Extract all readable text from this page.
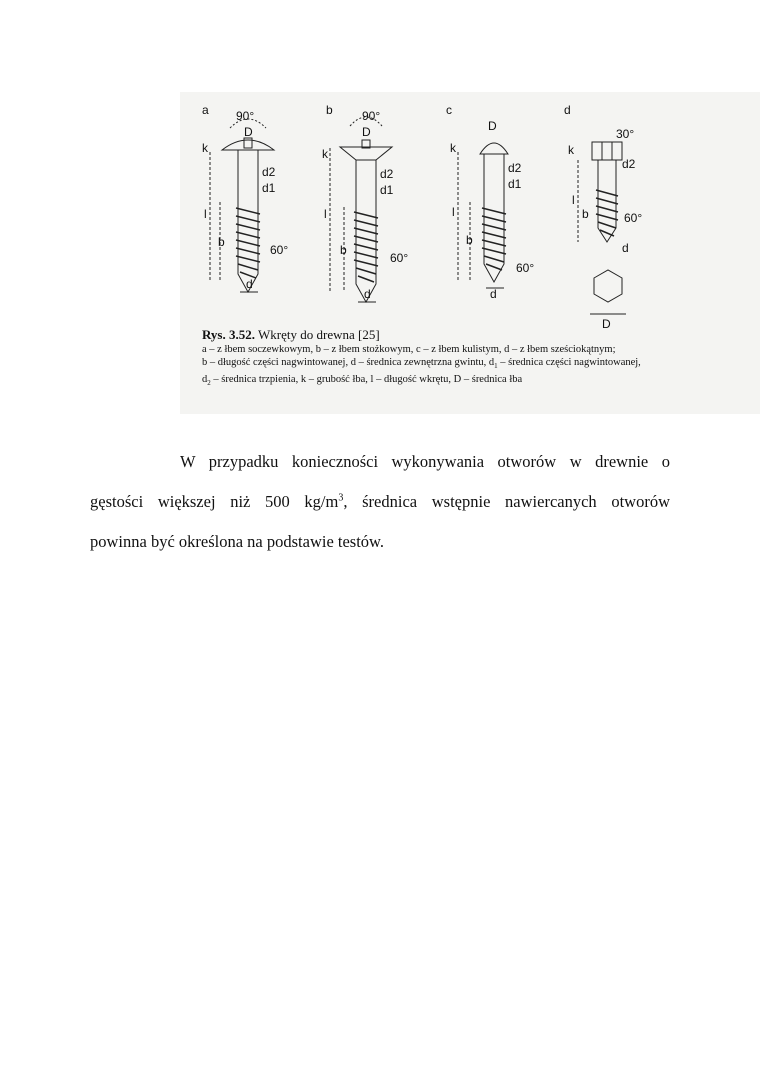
a 90°
D
k
d2
d1
l
b
60°
d
b 90°
D
k
d2
d1
l
b
60°
d
c
D
k
d2
d1
l
b
60°
d
d
30°
k
d2
l
b	60°
d
D
Rys. 3.52. Wkręty do drewna [25]
a – z łbem soczewkowym, b – z łbem stożkowym, c – z łbem kulistym, d – z łbem sześciokątnym;
b – długość części nagwintowanej, d – średnica zewnętrzna gwintu, $d_1$ – średnica części nagwintowanej,
$d_2$ – średnica trzpienia, k – grubość łba, l – długość wkrętu, D – średnica łba
W przypadku konieczności wykonywania otworów w drewnie o
gęstości większej niż 500 $kg/m^3$, średnica wstępnie nawiercanych otworów
powinna być określona na podstawie testów.
